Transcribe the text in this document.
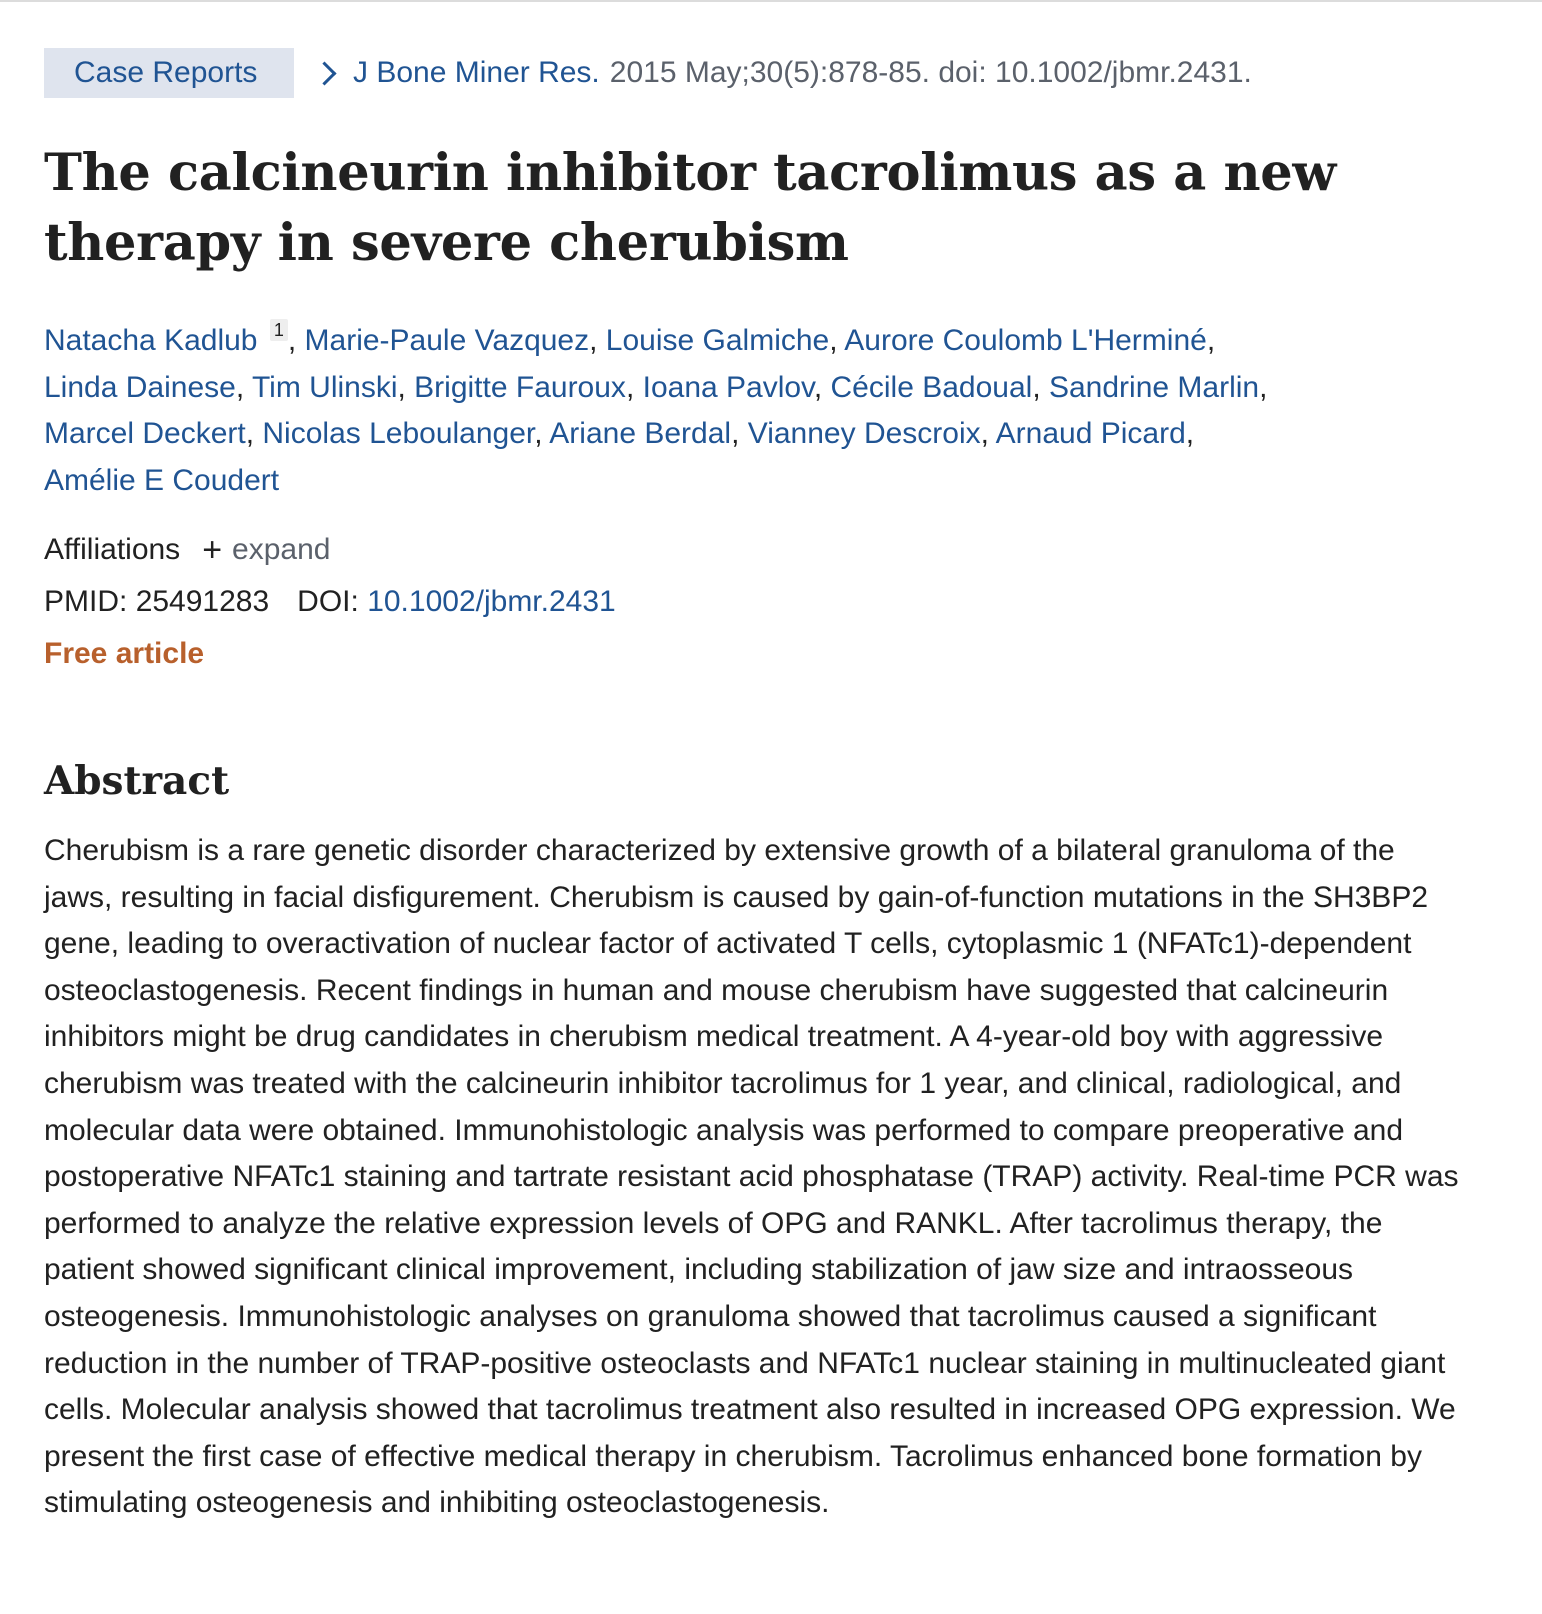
Case Reports	J Bone Miner Res. 2015 May;30(5):878-85. doi: 10.1002/jbmr.2431.
The calcineurin inhibitor tacrolimus as a new therapy in severe cherubism
Natacha Kadlub $^1$ , Marie-Paule Vazquez, Louise Galmiche, Aurore Coulomb L'Herminé,
Linda Dainese, Tim Ulinski, Brigitte Fauroux, Ioana Pavlov, Cécile Badoual, Sandrine Marlin,
Marcel Deckert, Nicolas Leboulanger, Ariane Berdal, Vianney Descroix, Arnaud Picard,
Amélie E Coudert
Affiliations + expand
PMID: 25491283 DOI: 10.1002/jbmr.2431
Free article
Abstract
Cherubism is a rare genetic disorder characterized by extensive growth of a bilateral granuloma of the jaws, resulting in facial disfigurement. Cherubism is caused by gain-of-function mutations in the SH3BP2 gene, leading to overactivation of nuclear factor of activated T cells, cytoplasmic 1 (NFATc1)-dependent osteoclastogenesis. Recent findings in human and mouse cherubism have suggested that calcineurin inhibitors might be drug candidates in cherubism medical treatment. A 4-year-old boy with aggressive cherubism was treated with the calcineurin inhibitor tacrolimus for 1 year, and clinical, radiological, and molecular data were obtained. Immunohistologic analysis was performed to compare preoperative and postoperative NFATc1 staining and tartrate resistant acid phosphatase (TRAP) activity. Real-time PCR was performed to analyze the relative expression levels of OPG and RANKL. After tacrolimus therapy, the patient showed significant clinical improvement, including stabilization of jaw size and intraosseous osteogenesis. Immunohistologic analyses on granuloma showed that tacrolimus caused a significant reduction in the number of TRAP-positive osteoclasts and NFATc1 nuclear staining in multinucleated giant cells. Molecular analysis showed that tacrolimus treatment also resulted in increased OPG expression. We present the first case of effective medical therapy in cherubism. Tacrolimus enhanced bone formation by stimulating osteogenesis and inhibiting osteoclastogenesis.
